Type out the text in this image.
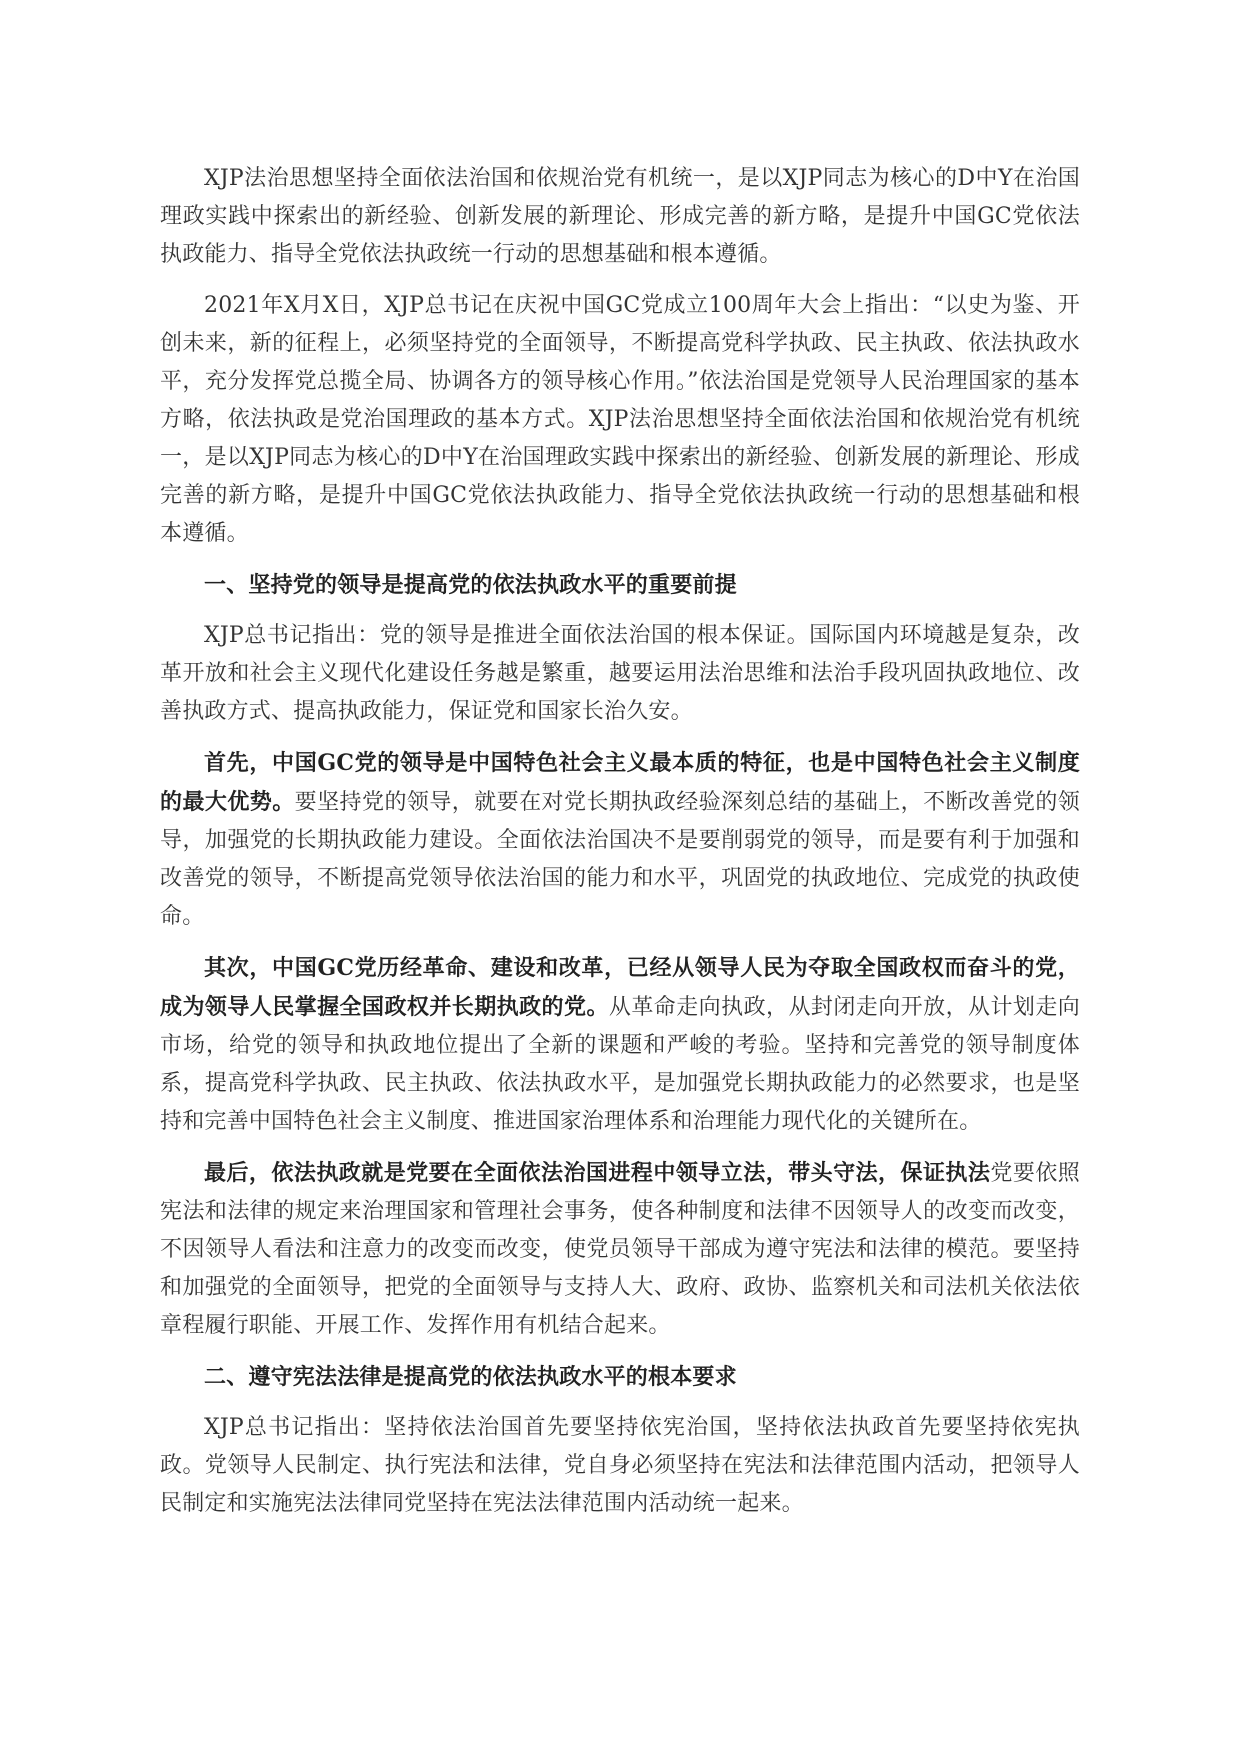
XJP法治思想坚持全面依法治国和依规治党有机统一，是以XJP同志为核心的D中Y在治国理政实践中探索出的新经验、创新发展的新理论、形成完善的新方略，是提升中国GC党依法执政能力、指导全党依法执政统一行动的思想基础和根本遵循。

2021年X月X日，XJP总书记在庆祝中国GC党成立100周年大会上指出：“以史为鉴、开创未来，新的征程上，必须坚持党的全面领导，不断提高党科学执政、民主执政、依法执政水平，充分发挥党总揽全局、协调各方的领导核心作用。”依法治国是党领导人民治理国家的基本方略，依法执政是党治国理政的基本方式。XJP法治思想坚持全面依法治国和依规治党有机统一，是以XJP同志为核心的D中Y在治国理政实践中探索出的新经验、创新发展的新理论、形成完善的新方略，是提升中国GC党依法执政能力、指导全党依法执政统一行动的思想基础和根本遵循。

一、坚持党的领导是提高党的依法执政水平的重要前提

XJP总书记指出：党的领导是推进全面依法治国的根本保证。国际国内环境越是复杂，改革开放和社会主义现代化建设任务越是繁重，越要运用法治思维和法治手段巩固执政地位、改善执政方式、提高执政能力，保证党和国家长治久安。

首先，中国GC党的领导是中国特色社会主义最本质的特征，也是中国特色社会主义制度的最大优势。要坚持党的领导，就要在对党长期执政经验深刻总结的基础上，不断改善党的领导，加强党的长期执政能力建设。全面依法治国决不是要削弱党的领导，而是要有利于加强和改善党的领导，不断提高党领导依法治国的能力和水平，巩固党的执政地位、完成党的执政使命。

其次，中国GC党历经革命、建设和改革，已经从领导人民为夺取全国政权而奋斗的党，成为领导人民掌握全国政权并长期执政的党。从革命走向执政，从封闭走向开放，从计划走向市场，给党的领导和执政地位提出了全新的课题和严峻的考验。坚持和完善党的领导制度体系，提高党科学执政、民主执政、依法执政水平，是加强党长期执政能力的必然要求，也是坚持和完善中国特色社会主义制度、推进国家治理体系和治理能力现代化的关键所在。

最后，依法执政就是党要在全面依法治国进程中领导立法，带头守法，保证执法党要依照宪法和法律的规定来治理国家和管理社会事务，使各种制度和法律不因领导人的改变而改变，不因领导人看法和注意力的改变而改变，使党员领导干部成为遵守宪法和法律的模范。要坚持和加强党的全面领导，把党的全面领导与支持人大、政府、政协、监察机关和司法机关依法依章程履行职能、开展工作、发挥作用有机结合起来。

二、遵守宪法法律是提高党的依法执政水平的根本要求

XJP总书记指出：坚持依法治国首先要坚持依宪治国，坚持依法执政首先要坚持依宪执政。党领导人民制定、执行宪法和法律，党自身必须坚持在宪法和法律范围内活动，把领导人民制定和实施宪法法律同党坚持在宪法法律范围内活动统一起来。
